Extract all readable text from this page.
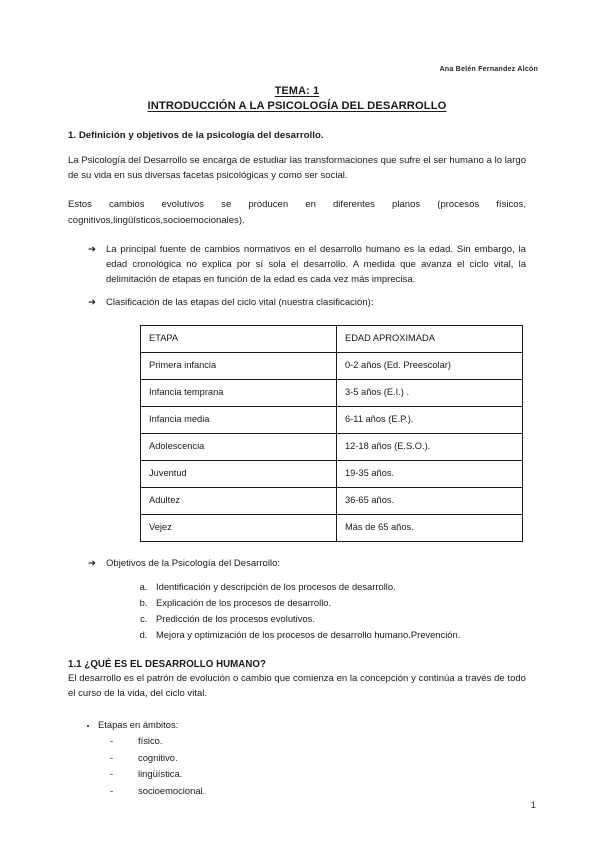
Ana Belén Fernandez Alcón
TEMA: 1
INTRODUCCIÓN A LA PSICOLOGÍA DEL DESARROLLO
1. Definición y objetivos de la psicología del desarrollo.

La Psicología del Desarrollo se encarga de estudiar las transformaciones que sufre el ser humano a lo largo de su vida en sus diversas facetas psicológicas y como ser social.

Estos cambios evolutivos se producen en diferentes planos (procesos físicos, cognitivos,lingüísticos,socioemocionales).

➔	La principal fuente de cambios normativos en el desarrollo humano es la edad. Sin embargo, la edad cronológica no explica por sí sola el desarrollo. A medida que avanza el ciclo vital, la delimitación de etapas en función de la edad es cada vez más imprecisa.
➔	Clasificación de las etapas del ciclo vital (nuestra clasificación):
ETAPA	EDAD APROXIMADA
Primera infancia	0-2 años (Ed. Preescolar)
Infancia temprana	3-5 años (E.I.) .
Infancia media	6-11 años (E.P.).
Adolescencia	12-18 años (E.S.O.).
Juventud	19-35 años.
Adultez	36-65 años.
Vejez	Más de 65 años.
➔	Objetivos de la Psicología del Desarrollo:
a. Identificación y descripción de los procesos de desarrollo.
b. Explicación de los procesos de desarrollo.
c. Predicción de los procesos evolutivos.
d. Mejora y optimización de los procesos de desarrollo humano.Prevención.
1.1 ¿QUÉ ES EL DESARROLLO HUMANO?

El desarrollo es el patrón de evolución o cambio que comienza en la concepción y continúa a través de todo el curso de la vida, del ciclo vital.

• Etapas en ámbitos:
-	físico.
-	cognitivo.
-	lingüística.
-	socioemocional.
1
